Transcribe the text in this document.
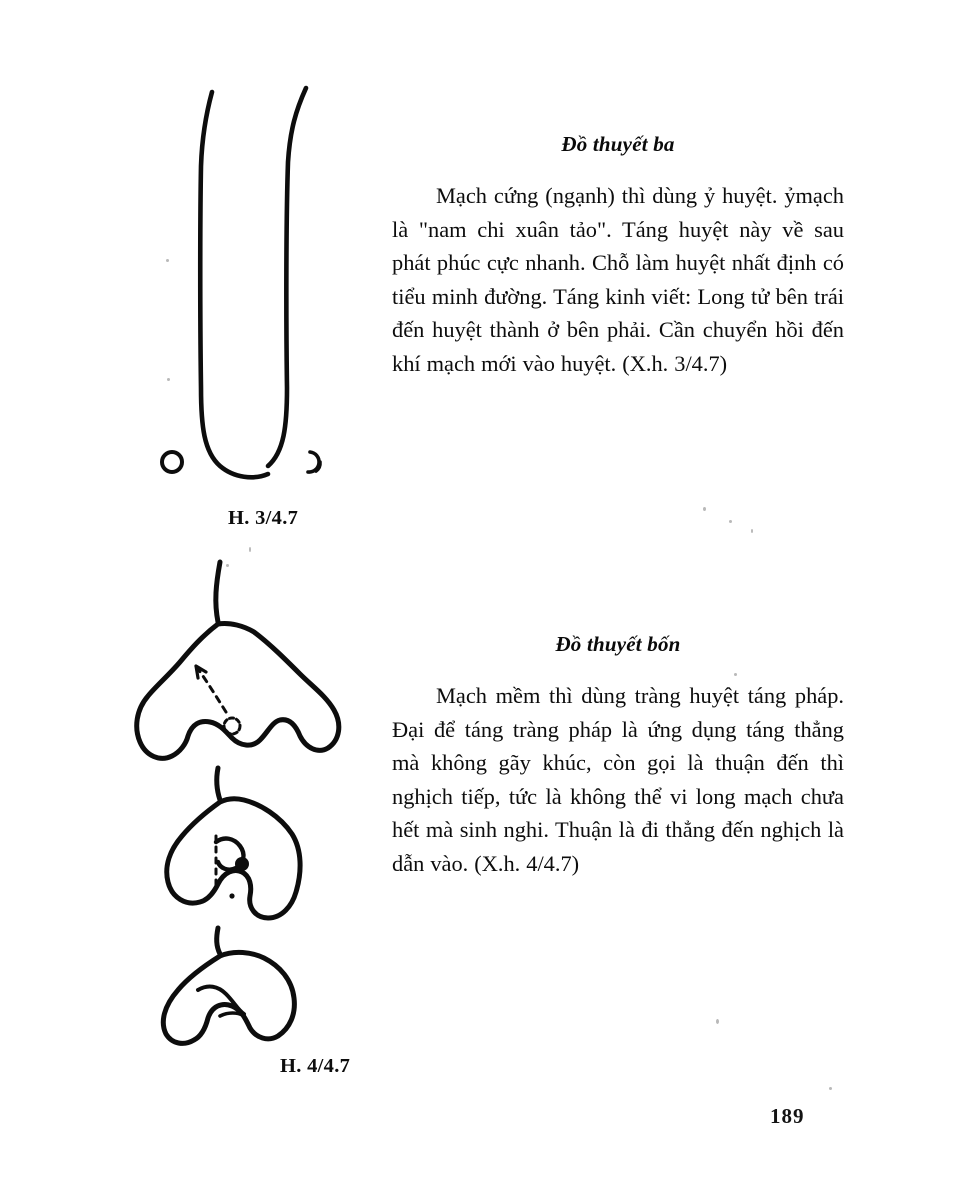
H. 3/4.7
H. 4/4.7
Đồ thuyết ba

Mạch cứng (ngạnh) thì dùng ỷ huyệt. ỷmạch là "nam chi xuân tảo". Táng huyệt này về sau phát phúc cực nhanh. Chỗ làm huyệt nhất định có tiểu minh đường. Táng kinh viết: Long tử bên trái đến huyệt thành ở bên phải. Cần chuyển hồi đến khí mạch mới vào huyệt. (X.h. 3/4.7)

Đồ thuyết bốn

Mạch mềm thì dùng tràng huyệt táng pháp. Đại để táng tràng pháp là ứng dụng táng thẳng mà không gãy khúc, còn gọi là thuận đến thì nghịch tiếp, tức là không thể vi long mạch chưa hết mà sinh nghi. Thuận là đi thẳng đến nghịch là dẫn vào. (X.h. 4/4.7)

189
